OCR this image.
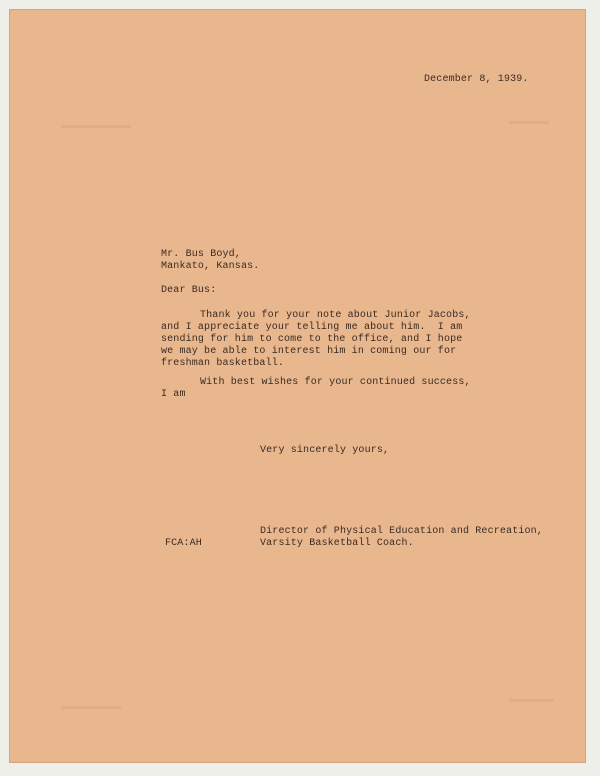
December 8, 1939.
Mr. Bus Boyd,
Mankato, Kansas.
Dear Bus:
Thank you for your note about Junior Jacobs,
and I appreciate your telling me about him.  I am
sending for him to come to the office, and I hope
we may be able to interest him in coming our for
freshman basketball.
With best wishes for your continued success,
I am
Very sincerely yours,
Director of Physical Education and Recreation,
Varsity Basketball Coach.
FCA:AH
